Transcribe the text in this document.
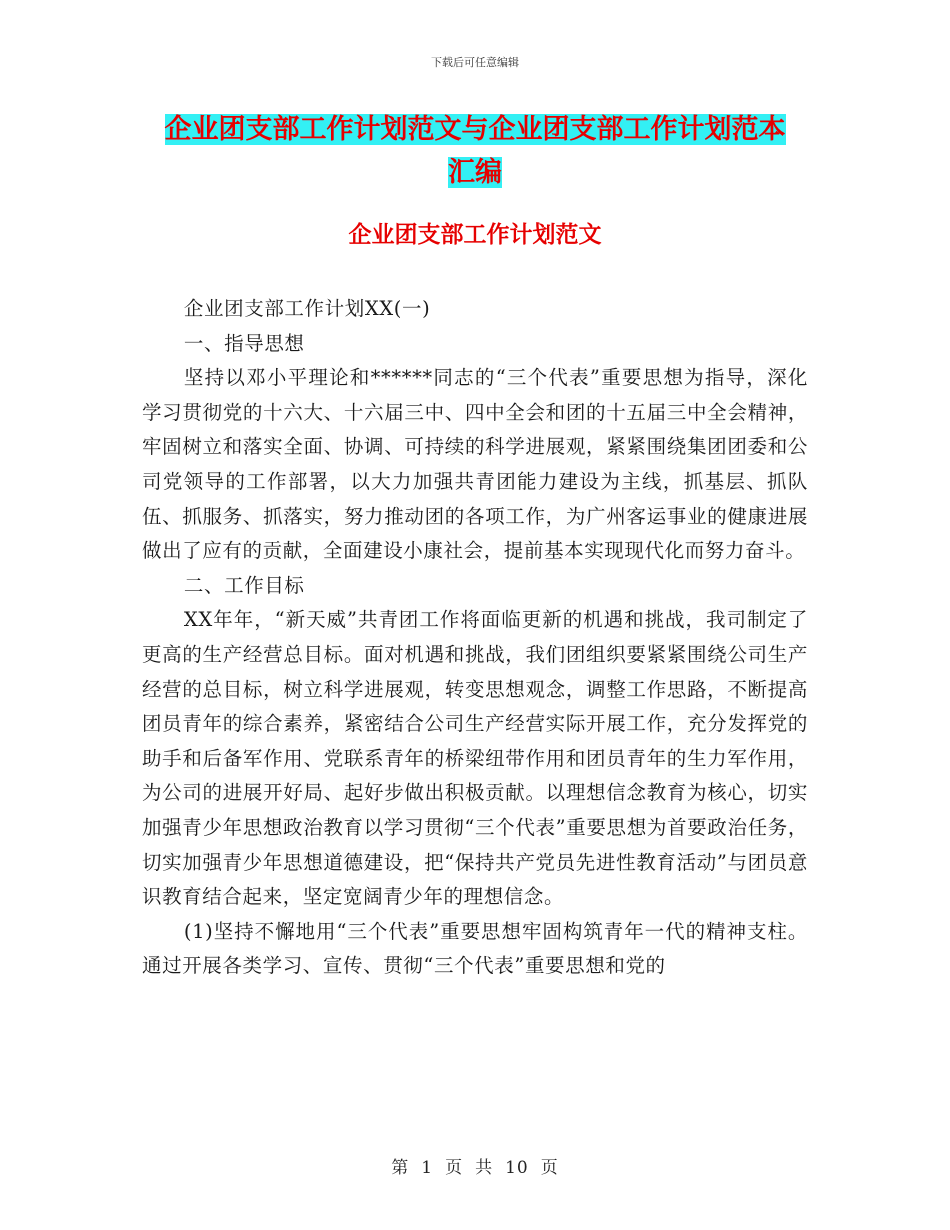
下载后可任意编辑
企业团支部工作计划范文与企业团支部工作计划范本
汇编
企业团支部工作计划范文

企业团支部工作计划XX(一)

一、指导思想

坚持以邓小平理论和******同志的“三个代表”重要思想为指导，深化学习贯彻党的十六大、十六届三中、四中全会和团的十五届三中全会精神，牢固树立和落实全面、协调、可持续的科学进展观，紧紧围绕集团团委和公司党领导的工作部署，以大力加强共青团能力建设为主线，抓基层、抓队伍、抓服务、抓落实，努力推动团的各项工作，为广州客运事业的健康进展做出了应有的贡献，全面建设小康社会，提前基本实现现代化而努力奋斗。

二、工作目标

XX年年，“新天威”共青团工作将面临更新的机遇和挑战，我司制定了更高的生产经营总目标。面对机遇和挑战，我们团组织要紧紧围绕公司生产经营的总目标，树立科学进展观，转变思想观念，调整工作思路，不断提高团员青年的综合素养，紧密结合公司生产经营实际开展工作，充分发挥党的助手和后备军作用、党联系青年的桥梁纽带作用和团员青年的生力军作用，为公司的进展开好局、起好步做出积极贡献。以理想信念教育为核心，切实加强青少年思想政治教育以学习贯彻“三个代表”重要思想为首要政治任务，切实加强青少年思想道德建设，把“保持共产党员先进性教育活动”与团员意识教育结合起来，坚定宽阔青少年的理想信念。

(1)坚持不懈地用“三个代表”重要思想牢固构筑青年一代的精神支柱。通过开展各类学习、宣传、贯彻“三个代表”重要思想和党的

第 1 页 共 10 页
